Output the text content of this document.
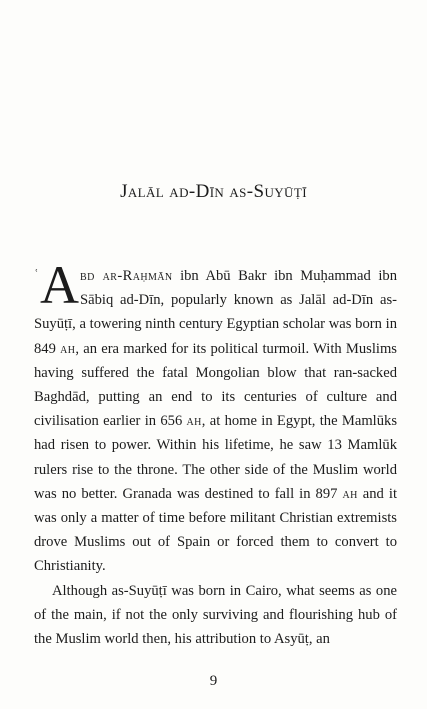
Jalāl ad-Dīn as-Suyūṭī

ʿ A bd ar-Raḥmān ibn Abū Bakr ibn Muḥammad ibn Sābiq ad-Dīn, popularly known as Jalāl ad-Dīn as-Suyūṭī, a towering ninth century Egyptian scholar was born in 849 ah, an era marked for its political turmoil. With Muslims having suffered the fatal Mongolian blow that ran-sacked Baghdād, putting an end to its centuries of culture and civilisation earlier in 656 ah, at home in Egypt, the Mamlūks had risen to power. Within his lifetime, he saw 13 Mamlūk rulers rise to the throne. The other side of the Muslim world was no better. Granada was destined to fall in 897 ah and it was only a matter of time before militant Christian extremists drove Muslims out of Spain or forced them to convert to Christianity.

Although as-Suyūṭī was born in Cairo, what seems as one of the main, if not the only surviving and flourishing hub of the Muslim world then, his attribution to Asyūṭ, an

9
